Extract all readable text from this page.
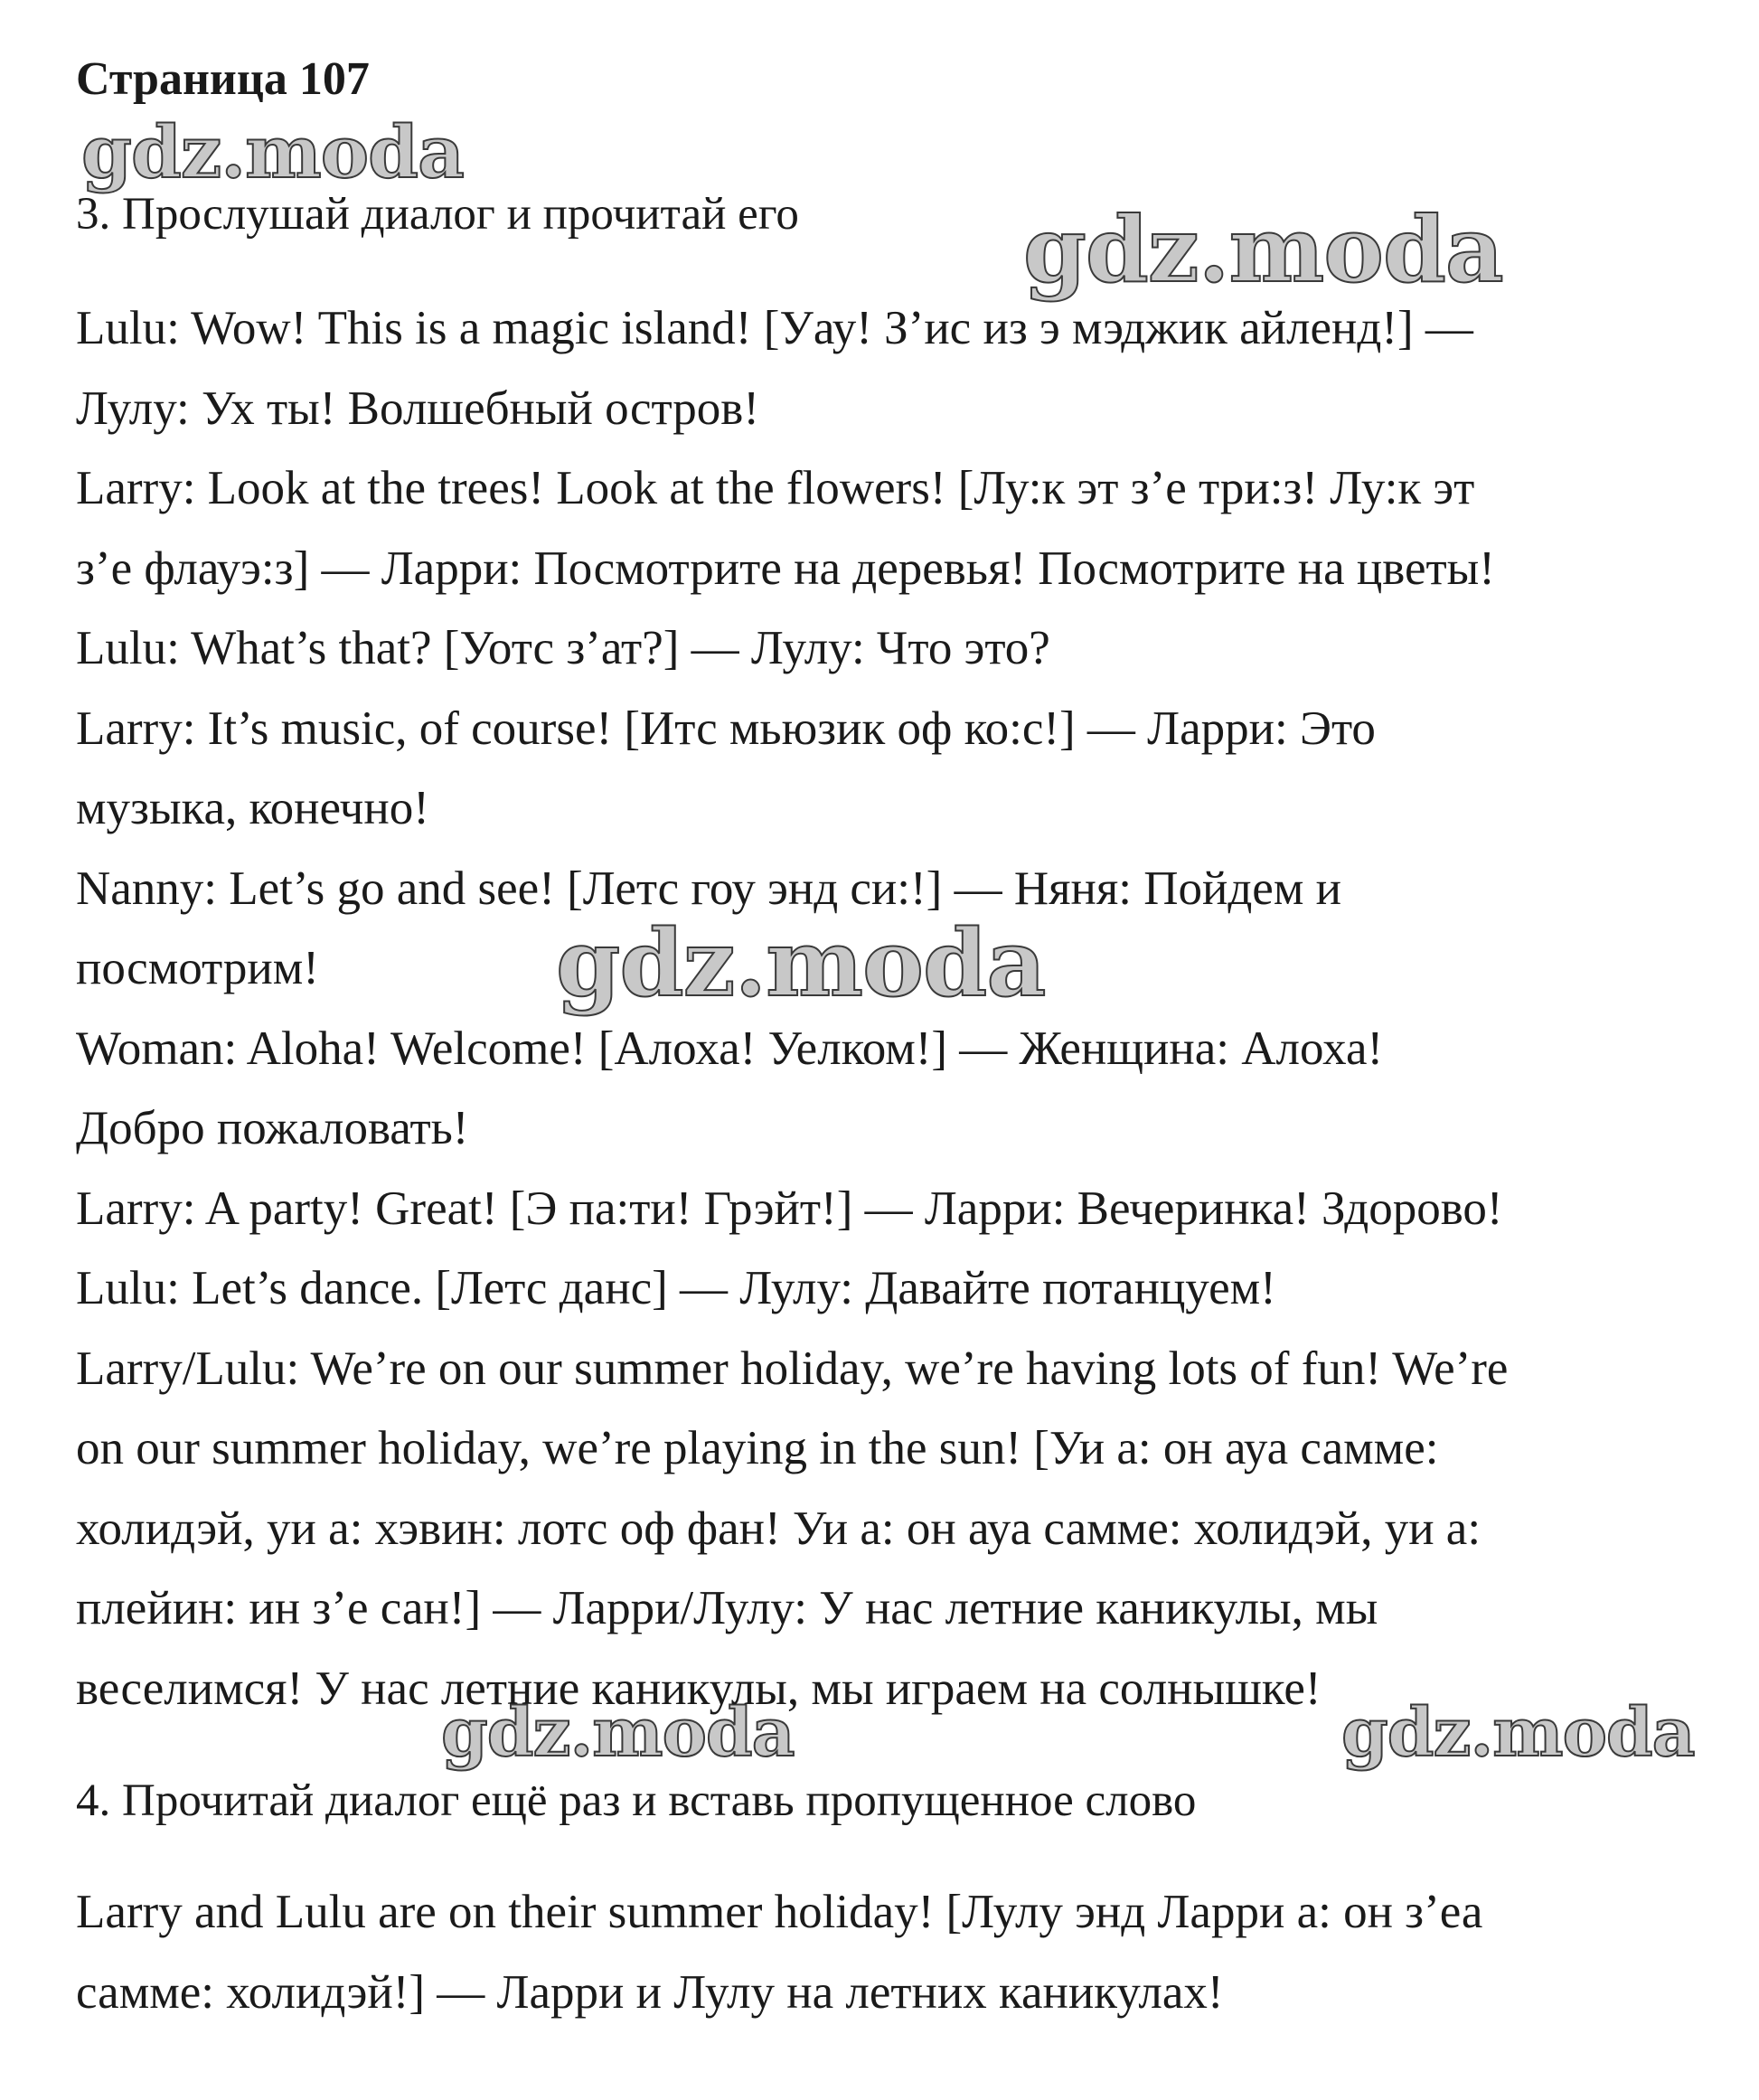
Страница 107
gdz.moda
gdz.moda
gdz.moda
gdz.moda	gdz.moda
3. Прослушай диалог и прочитай его
Lulu: Wow! This is a magic island! [Уау! З’ис из э мэджик айленд!] —
Лулу: Ух ты! Волшебный остров!
Larry: Look at the trees! Look at the flowers! [Лу:к эт з’е три:з! Лу:к эт
з’е флауэ:з] — Ларри: Посмотрите на деревья! Посмотрите на цветы!
Lulu: What’s that? [Уотс з’ат?] — Лулу: Что это?
Larry: It’s music, of course! [Итс мьюзик оф ко:с!] — Ларри: Это
музыка, конечно!
Nanny: Let’s go and see! [Летс гоу энд си:!] — Няня: Пойдем и
посмотрим!
Woman: Aloha! Welcome! [Алоха! Уелком!] — Женщина: Алоха!
Добро пожаловать!
Larry: A party! Great! [Э па:ти! Грэйт!] — Ларри: Вечеринка! Здорово!
Lulu: Let’s dance. [Летс данс] — Лулу: Давайте потанцуем!
Larry/Lulu: We’re on our summer holiday, we’re having lots of fun! We’re
on our summer holiday, we’re playing in the sun! [Уи а: он ауа самме:
холидэй, уи а: хэвин: лотс оф фан! Уи а: он ауа самме: холидэй, уи а:
плейин: ин з’е сан!] — Ларри/Лулу: У нас летние каникулы, мы
веселимся! У нас летние каникулы, мы играем на солнышке!
4. Прочитай диалог ещё раз и вставь пропущенное слово
Larry and Lulu are on their summer holiday! [Лулу энд Ларри а: он з’еа
самме: холидэй!] — Ларри и Лулу на летних каникулах!
